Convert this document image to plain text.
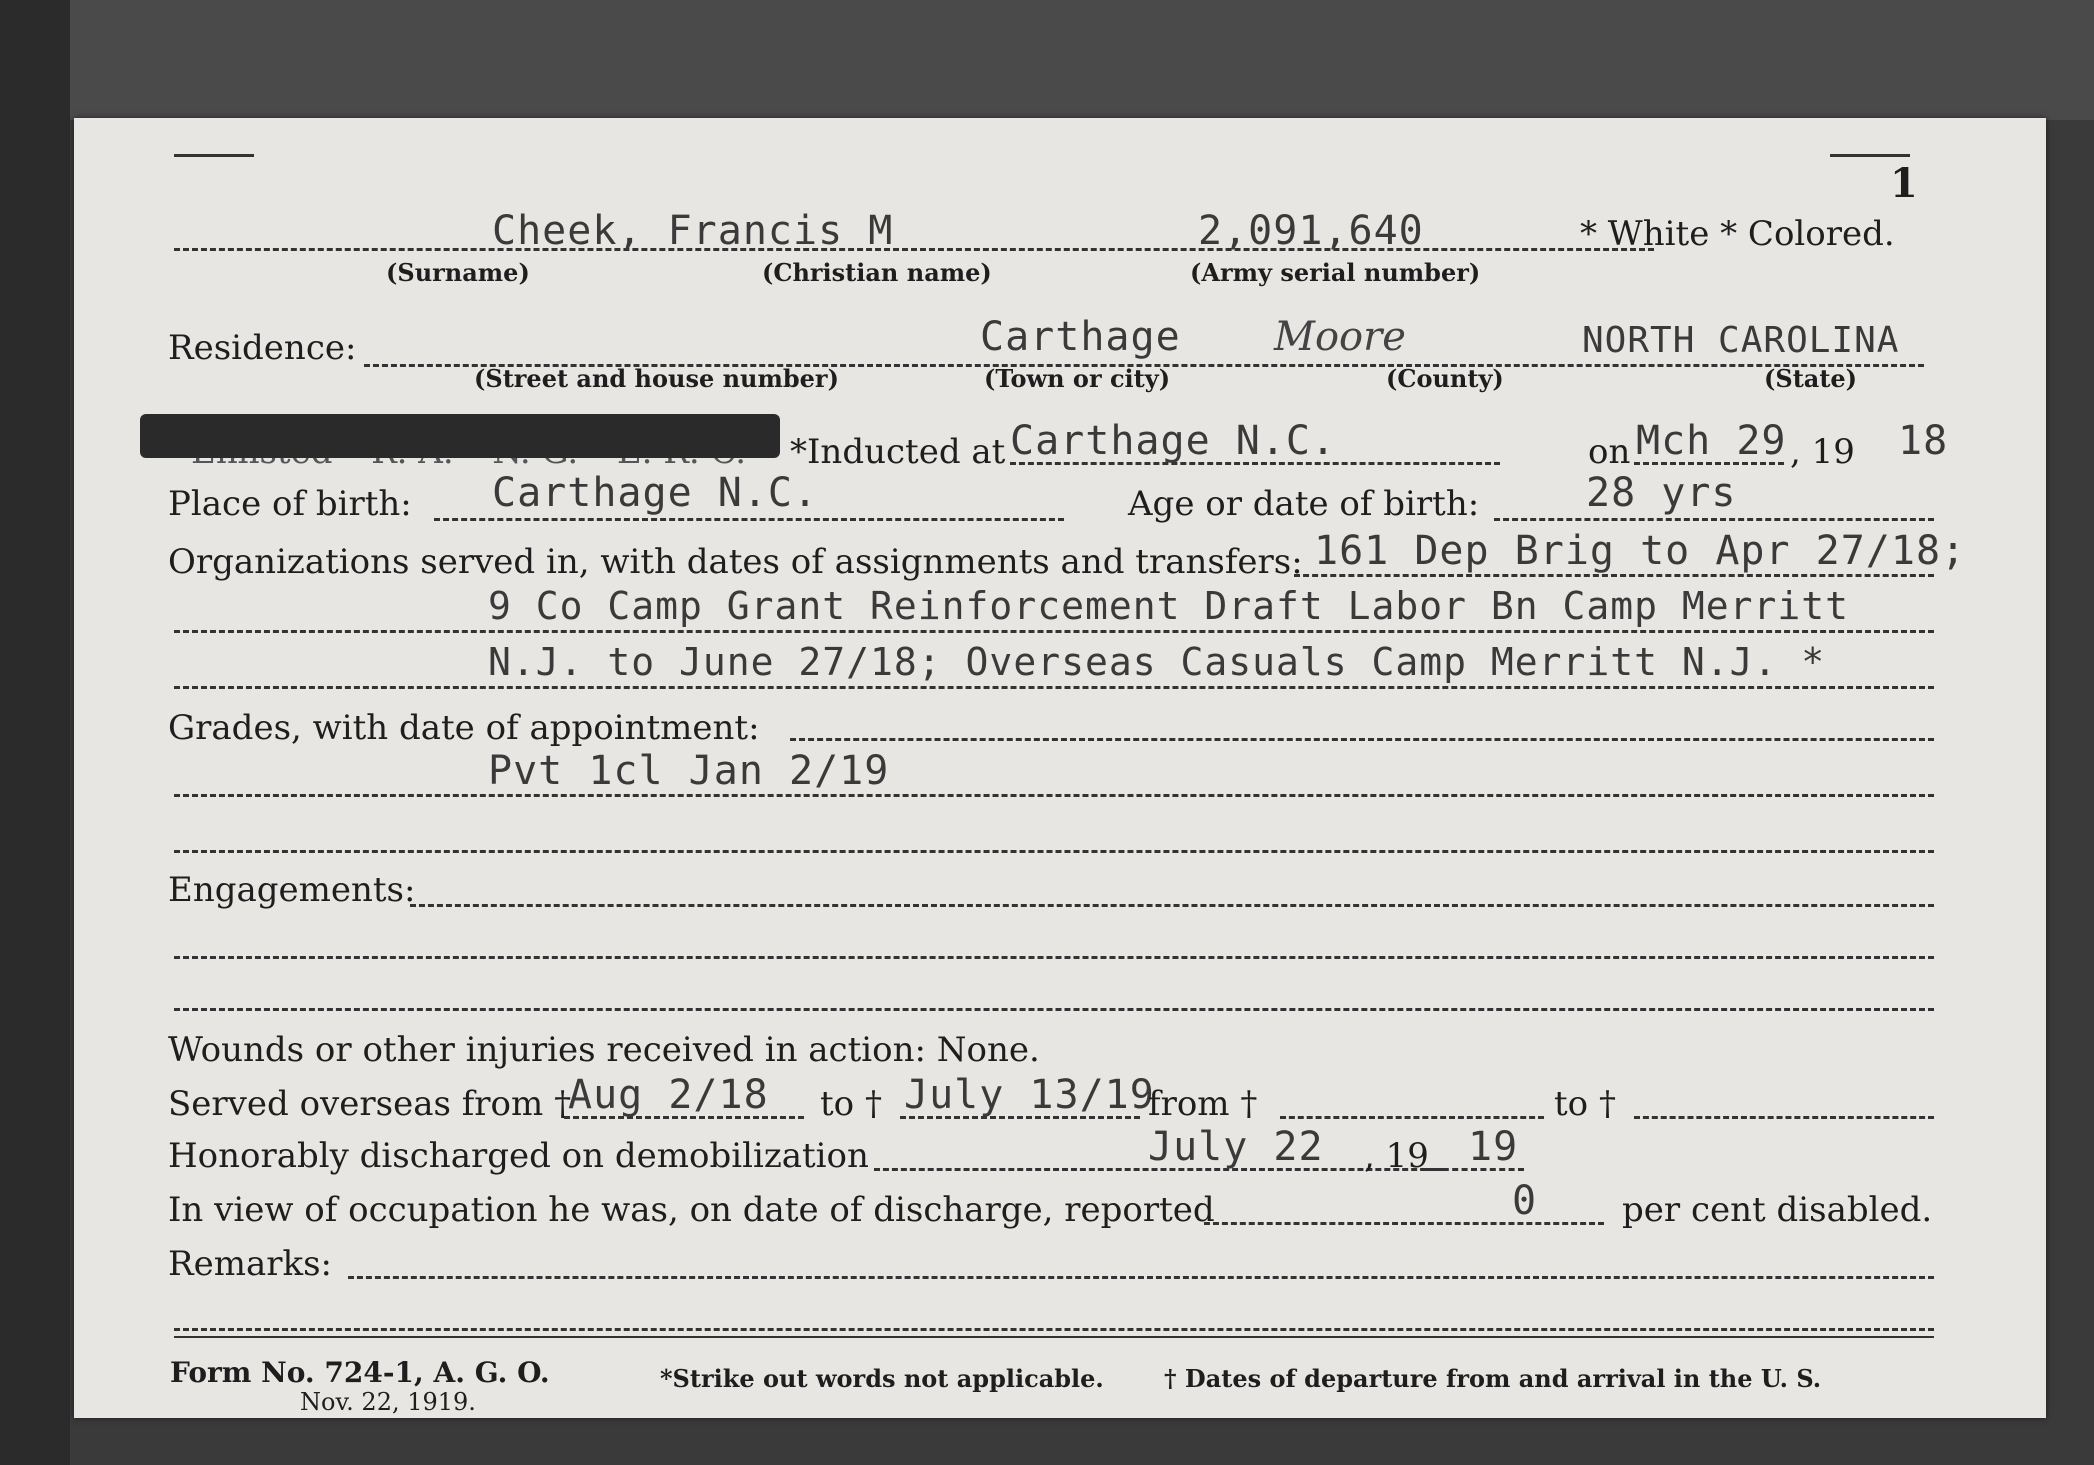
1
Cheek, Francis M	2,091,640	* White * Colored.
(Surname)	(Christian name)	(Army serial number)
Residence:	Carthage Moore	NORTH CAROLINA
(Street and house number)	(Town or city)	(County)	(State)
*Inducted at Carthage N.C.	on Mch 29 , 19 18
Place of birth: Carthage N.C.	Age or date of birth:	28 yrs
Organizations served in, with dates of assignments and transfers: 161 Dep Brig to Apr 27/18;
9 Co Camp Grant Reinforcement Draft Labor Bn Camp Merritt
N.J. to June 27/18; Overseas Casuals Camp Merritt N.J. *
Grades, with date of appointment:
Pvt 1cl Jan 2/19
Engagements:
Wounds or other injuries received in action: None.
Served overseas from †
Aug 2/18 to † July 13/19
from †	to †
Honorably discharged on demobilization	July 22 , 19 19
In view of occupation he was, on date of discharge, reported	0 per cent disabled.
Remarks:
Form No. 724-1, A. G. O.
Nov. 22, 1919.
*Strike out words not applicable.	† Dates of departure from and arrival in the U. S.
